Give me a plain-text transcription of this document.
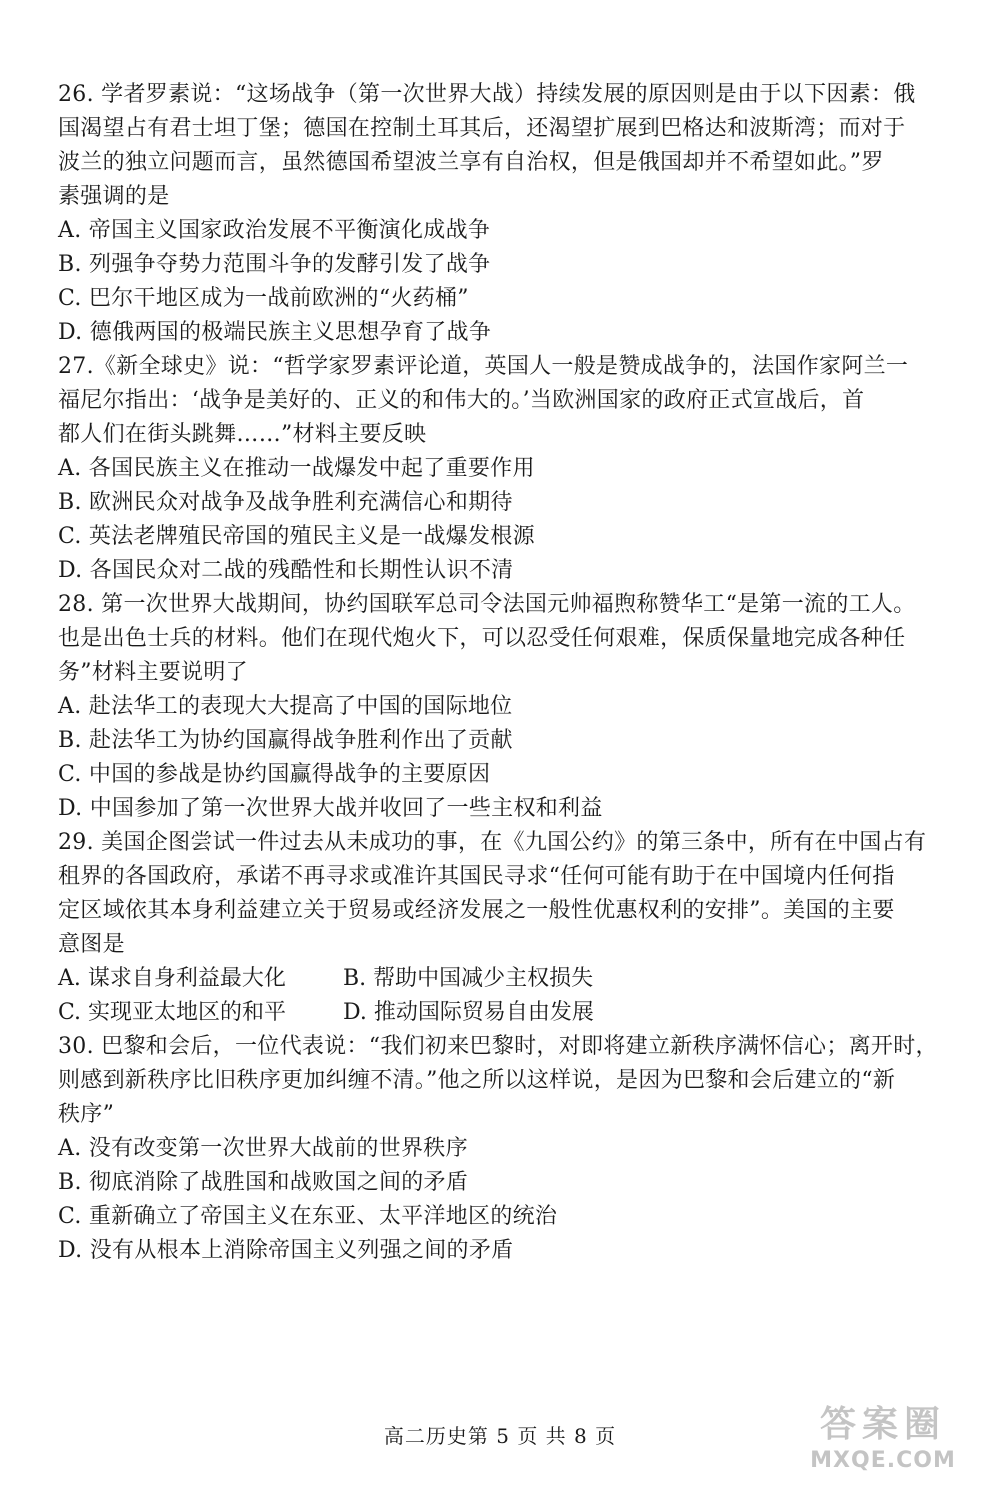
26. 学者罗素说：“这场战争（第一次世界大战）持续发展的原因则是由于以下因素：俄
国渴望占有君士坦丁堡；德国在控制土耳其后，还渴望扩展到巴格达和波斯湾；而对于
波兰的独立问题而言，虽然德国希望波兰享有自治权，但是俄国却并不希望如此。”罗
素强调的是
A. 帝国主义国家政治发展不平衡演化成战争
B. 列强争夺势力范围斗争的发酵引发了战争
C. 巴尔干地区成为一战前欧洲的“火药桶”
D. 德俄两国的极端民族主义思想孕育了战争
27.《新全球史》说：“哲学家罗素评论道，英国人一般是赞成战争的，法国作家阿兰一
福尼尔指出：‘战争是美好的、正义的和伟大的。’当欧洲国家的政府正式宣战后，首
都人们在街头跳舞……”材料主要反映
A. 各国民族主义在推动一战爆发中起了重要作用
B. 欧洲民众对战争及战争胜利充满信心和期待
C. 英法老牌殖民帝国的殖民主义是一战爆发根源
D. 各国民众对二战的残酷性和长期性认识不清
28. 第一次世界大战期间，协约国联军总司令法国元帅福煦称赞华工“是第一流的工人。
也是出色士兵的材料。他们在现代炮火下，可以忍受任何艰难，保质保量地完成各种任
务”材料主要说明了
A. 赴法华工的表现大大提高了中国的国际地位
B. 赴法华工为协约国赢得战争胜利作出了贡献
C. 中国的参战是协约国赢得战争的主要原因
D. 中国参加了第一次世界大战并收回了一些主权和利益
29. 美国企图尝试一件过去从未成功的事，在《九国公约》的第三条中，所有在中国占有
租界的各国政府，承诺不再寻求或准许其国民寻求“任何可能有助于在中国境内任何指
定区域依其本身利益建立关于贸易或经济发展之一般性优惠权利的安排”。美国的主要
意图是
A. 谋求自身利益最大化	B. 帮助中国减少主权损失
C. 实现亚太地区的和平	D. 推动国际贸易自由发展
30. 巴黎和会后，一位代表说：“我们初来巴黎时，对即将建立新秩序满怀信心；离开时，
则感到新秩序比旧秩序更加纠缠不清。”他之所以这样说，是因为巴黎和会后建立的“新
秩序”
A. 没有改变第一次世界大战前的世界秩序
B. 彻底消除了战胜国和战败国之间的矛盾
C. 重新确立了帝国主义在东亚、太平洋地区的统治
D. 没有从根本上消除帝国主义列强之间的矛盾
高二历史第 5 页 共 8 页	答案圈
MXQE.COM
